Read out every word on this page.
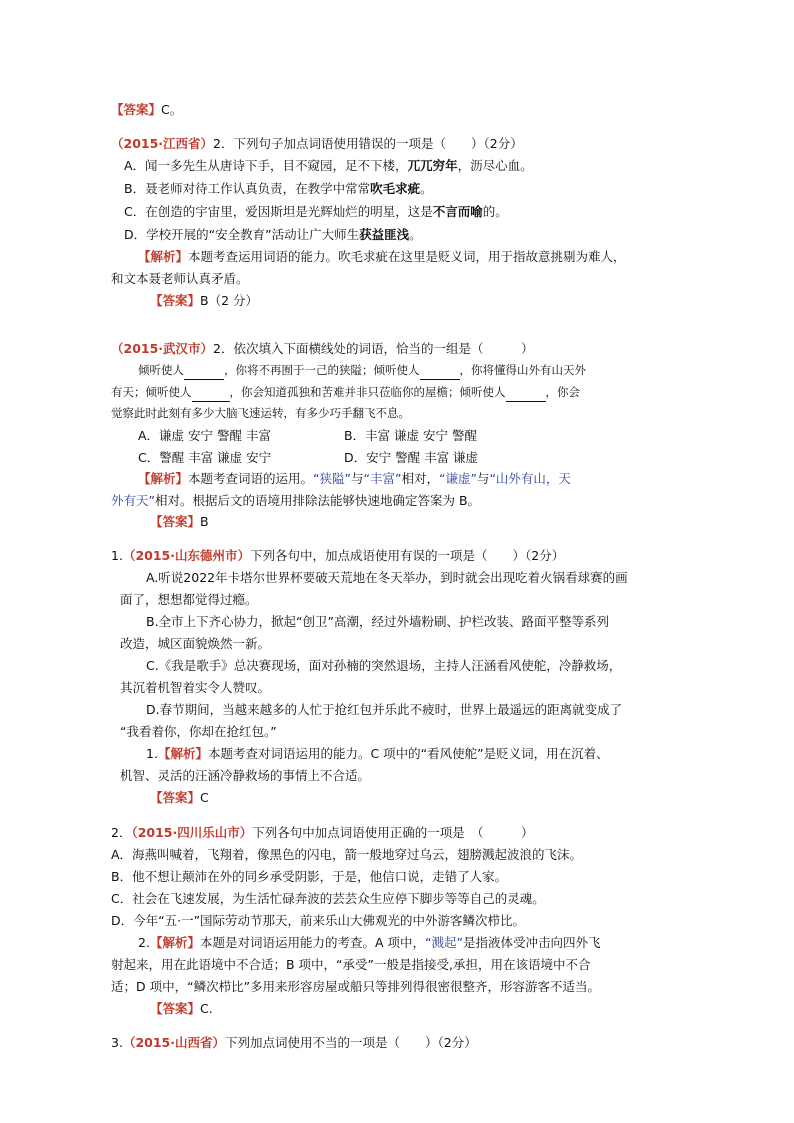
【答案】C。
（2015·江西省）2．下列句子加点词语使用错误的一项是（　　）（2分）
A．闻一多先生从唐诗下手，目不窥园，足不下楼，兀兀穷年，沥尽心血。
B．聂老师对待工作认真负责，在教学中常常吹毛求疵。
C．在创造的宇宙里，爱因斯坦是光辉灿烂的明星，这是不言而喻的。
D．学校开展的“安全教育”活动让广大师生获益匪浅。
【解析】本题考查运用词语的能力。吹毛求疵在这里是贬义词，用于指故意挑剔为难人，
和文本聂老师认真矛盾。
【答案】B（2 分）
（2015·武汉市）2．依次填入下面横线处的词语，恰当的一组是（　　　）
倾听使人	，你将不再囿于一己的狭隘；倾听使人	，你将懂得山外有山天外
有天；倾听使人	，你会知道孤独和苦难并非只莅临你的屋檐；倾听使人	，你会
觉察此时此刻有多少大脑飞速运转，有多少巧手翻飞不息。
A．谦虚 安宁 警醒 丰富	B．丰富 谦虚 安宁 警醒
C．警醒 丰富 谦虚 安宁	D．安宁 警醒 丰富 谦虚
【解析】本题考查词语的运用。“狭隘”与“丰富”相对，“谦虚”与“山外有山，天
外有天”相对。根据后文的语境用排除法能够快速地确定答案为 B。
【答案】B
1.（2015·山东德州市）下列各句中，加点成语使用有误的一项是（　　）（2分）
A.听说2022年卡塔尔世界杯要破天荒地在冬天举办，到时就会出现吃着火锅看球赛的画
面了，想想都觉得过瘾。
B.全市上下齐心协力，掀起“创卫”高潮，经过外墙粉刷、护栏改装、路面平整等系列
改造，城区面貌焕然一新。
C.《我是歌手》总决赛现场，面对孙楠的突然退场，主持人汪涵看风使舵，冷静救场，
其沉着机智着实令人赞叹。
D.春节期间，当越来越多的人忙于抢红包并乐此不疲时，世界上最遥远的距离就变成了
“我看着你，你却在抢红包。”
1.【解析】本题考查对词语运用的能力。C 项中的“看风使舵”是贬义词，用在沉着、
机智、灵活的汪涵冷静救场的事情上不合适。
【答案】C
2．（2015·四川乐山市）下列各句中加点词语使用正确的一项是　（　　　）
A．海燕叫喊着，飞翔着，像黑色的闪电，箭一般地穿过乌云，翅膀溅起波浪的飞沫。
B．他不想让颠沛在外的同乡承受阴影，于是，他信口说，走错了人家。
C．社会在飞速发展，为生活忙碌奔波的芸芸众生应停下脚步等等自己的灵魂。
D．今年“五·一”国际劳动节那天，前来乐山大佛观光的中外游客鳞次栉比。
2.【解析】本题是对词语运用能力的考查。A 项中，“溅起”是指液体受冲击向四外飞
射起来，用在此语境中不合适；B 项中，“承受”一般是指接受,承担，用在该语境中不合
适；D 项中，“鳞次栉比”多用来形容房屋或船只等排列得很密很整齐，形容游客不适当。
【答案】C.
3.（2015·山西省）下列加点词使用不当的一项是（　　）（2分）
